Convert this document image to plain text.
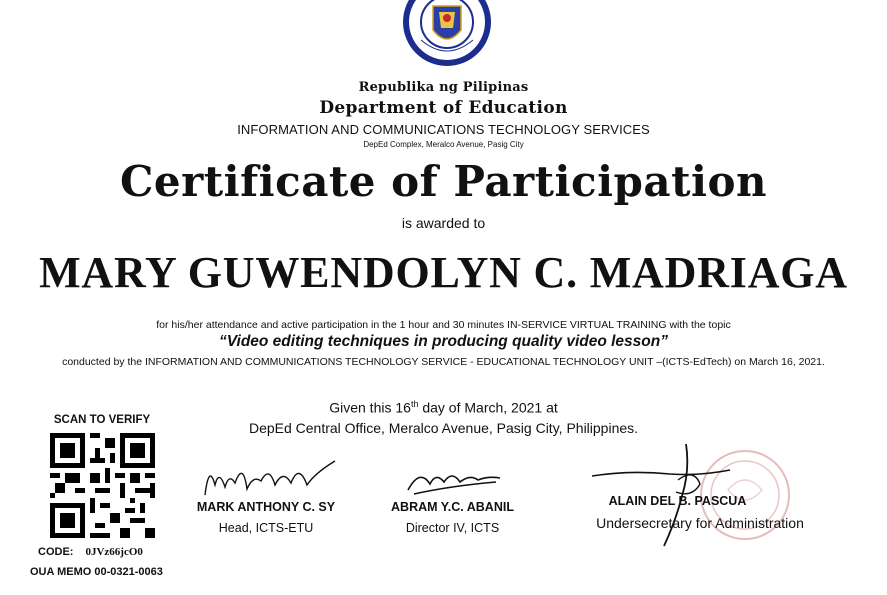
Republika ng Pilipinas
Department of Education
INFORMATION AND COMMUNICATIONS TECHNOLOGY SERVICES
DepEd Complex, Meralco Avenue, Pasig City
Certificate of Participation
is awarded to
MARY GUWENDOLYN C. MADRIAGA
for his/her attendance and active participation in the 1 hour and 30 minutes IN-SERVICE VIRTUAL TRAINING with the topic
“Video editing techniques in producing quality video lesson”
conducted by the INFORMATION AND COMMUNICATIONS TECHNOLOGY SERVICE - EDUCATIONAL TECHNOLOGY UNIT –(ICTS-EdTech) on March 16, 2021.
Given this 16th day of March, 2021 at
DepEd Central Office, Meralco Avenue, Pasig City, Philippines.
SCAN TO VERIFY
CODE: 0JVz66jcO0
OUA MEMO 00-0321-0063
MARK ANTHONY C. SY
Head, ICTS-ETU
ABRAM Y.C. ABANIL
Director IV, ICTS
ALAIN DEL B. PASCUA
Undersecretary for Administration
